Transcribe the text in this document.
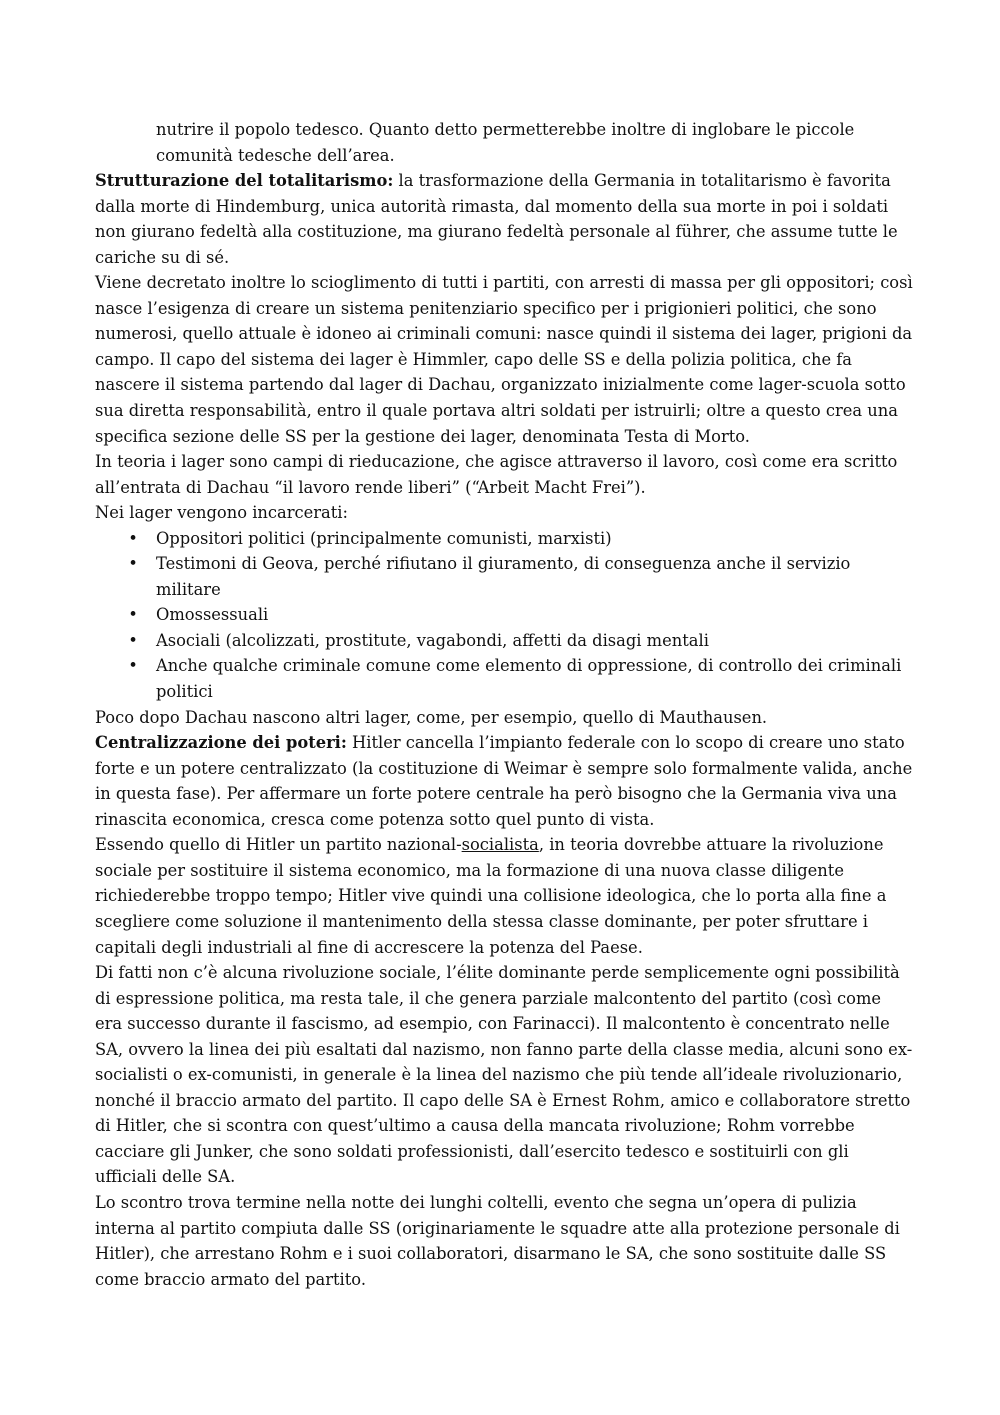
nutrire il popolo tedesco. Quanto detto permetterebbe inoltre di inglobare le piccole comunità tedesche dell’area.

Strutturazione del totalitarismo: la trasformazione della Germania in totalitarismo è favorita dalla morte di Hindemburg, unica autorità rimasta, dal momento della sua morte in poi i soldati non giurano fedeltà alla costituzione, ma giurano fedeltà personale al führer, che assume tutte le cariche su di sé.

Viene decretato inoltre lo scioglimento di tutti i partiti, con arresti di massa per gli oppositori; così nasce l’esigenza di creare un sistema penitenziario specifico per i prigionieri politici, che sono numerosi, quello attuale è idoneo ai criminali comuni: nasce quindi il sistema dei lager, prigioni da campo. Il capo del sistema dei lager è Himmler, capo delle SS e della polizia politica, che fa nascere il sistema partendo dal lager di Dachau, organizzato inizialmente come lager-scuola sotto sua diretta responsabilità, entro il quale portava altri soldati per istruirli; oltre a questo crea una specifica sezione delle SS per la gestione dei lager, denominata Testa di Morto.

In teoria i lager sono campi di rieducazione, che agisce attraverso il lavoro, così come era scritto all’entrata di Dachau “il lavoro rende liberi” (“Arbeit Macht Frei”).

Nei lager vengono incarcerati:

• Oppositori politici (principalmente comunisti, marxisti)
• Testimoni di Geova, perché rifiutano il giuramento, di conseguenza anche il servizio militare
• Omossessuali
• Asociali (alcolizzati, prostitute, vagabondi, affetti da disagi mentali
• Anche qualche criminale comune come elemento di oppressione, di controllo dei criminali politici

Poco dopo Dachau nascono altri lager, come, per esempio, quello di Mauthausen.

Centralizzazione dei poteri: Hitler cancella l’impianto federale con lo scopo di creare uno stato forte e un potere centralizzato (la costituzione di Weimar è sempre solo formalmente valida, anche in questa fase). Per affermare un forte potere centrale ha però bisogno che la Germania viva una rinascita economica, cresca come potenza sotto quel punto di vista.

Essendo quello di Hitler un partito nazional-socialista, in teoria dovrebbe attuare la rivoluzione sociale per sostituire il sistema economico, ma la formazione di una nuova classe diligente richiederebbe troppo tempo; Hitler vive quindi una collisione ideologica, che lo porta alla fine a scegliere come soluzione il mantenimento della stessa classe dominante, per poter sfruttare i capitali degli industriali al fine di accrescere la potenza del Paese.

Di fatti non c’è alcuna rivoluzione sociale, l’élite dominante perde semplicemente ogni possibilità di espressione politica, ma resta tale, il che genera parziale malcontento del partito (così come era successo durante il fascismo, ad esempio, con Farinacci). Il malcontento è concentrato nelle SA, ovvero la linea dei più esaltati dal nazismo, non fanno parte della classe media, alcuni sono ex-socialisti o ex-comunisti, in generale è la linea del nazismo che più tende all’ideale rivoluzionario, nonché il braccio armato del partito. Il capo delle SA è Ernest Rohm, amico e collaboratore stretto di Hitler, che si scontra con quest’ultimo a causa della mancata rivoluzione; Rohm vorrebbe cacciare gli Junker, che sono soldati professionisti, dall’esercito tedesco e sostituirli con gli ufficiali delle SA.

Lo scontro trova termine nella notte dei lunghi coltelli, evento che segna un’opera di pulizia interna al partito compiuta dalle SS (originariamente le squadre atte alla protezione personale di Hitler), che arrestano Rohm e i suoi collaboratori, disarmano le SA, che sono sostituite dalle SS come braccio armato del partito.
